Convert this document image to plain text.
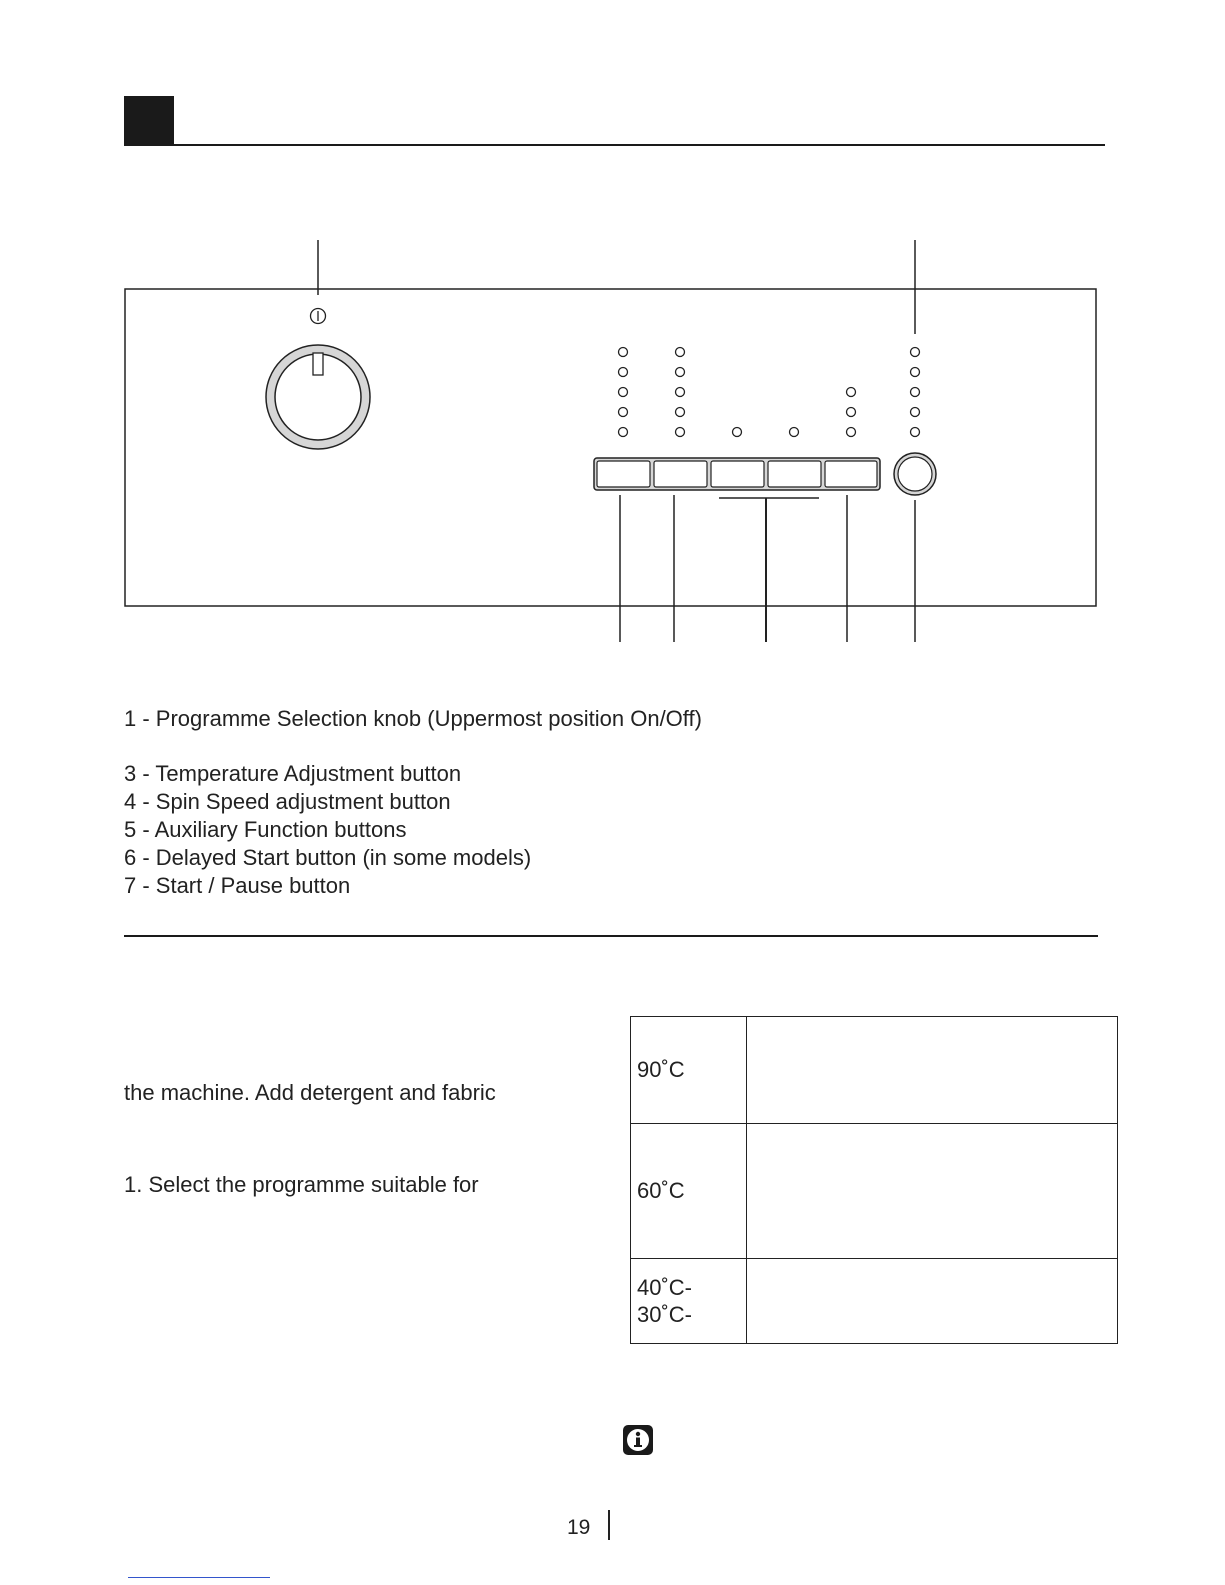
1 - Programme Selection knob (Uppermost position On/Off)
3 - Temperature Adjustment button
4 - Spin Speed adjustment button
5 - Auxiliary Function buttons
6 - Delayed Start button (in some models)
7 - Start / Pause button
the machine. Add detergent and fabric
1. Select the programme suitable for
90˚C	
60˚C	
40˚C-
30˚C-	
19
